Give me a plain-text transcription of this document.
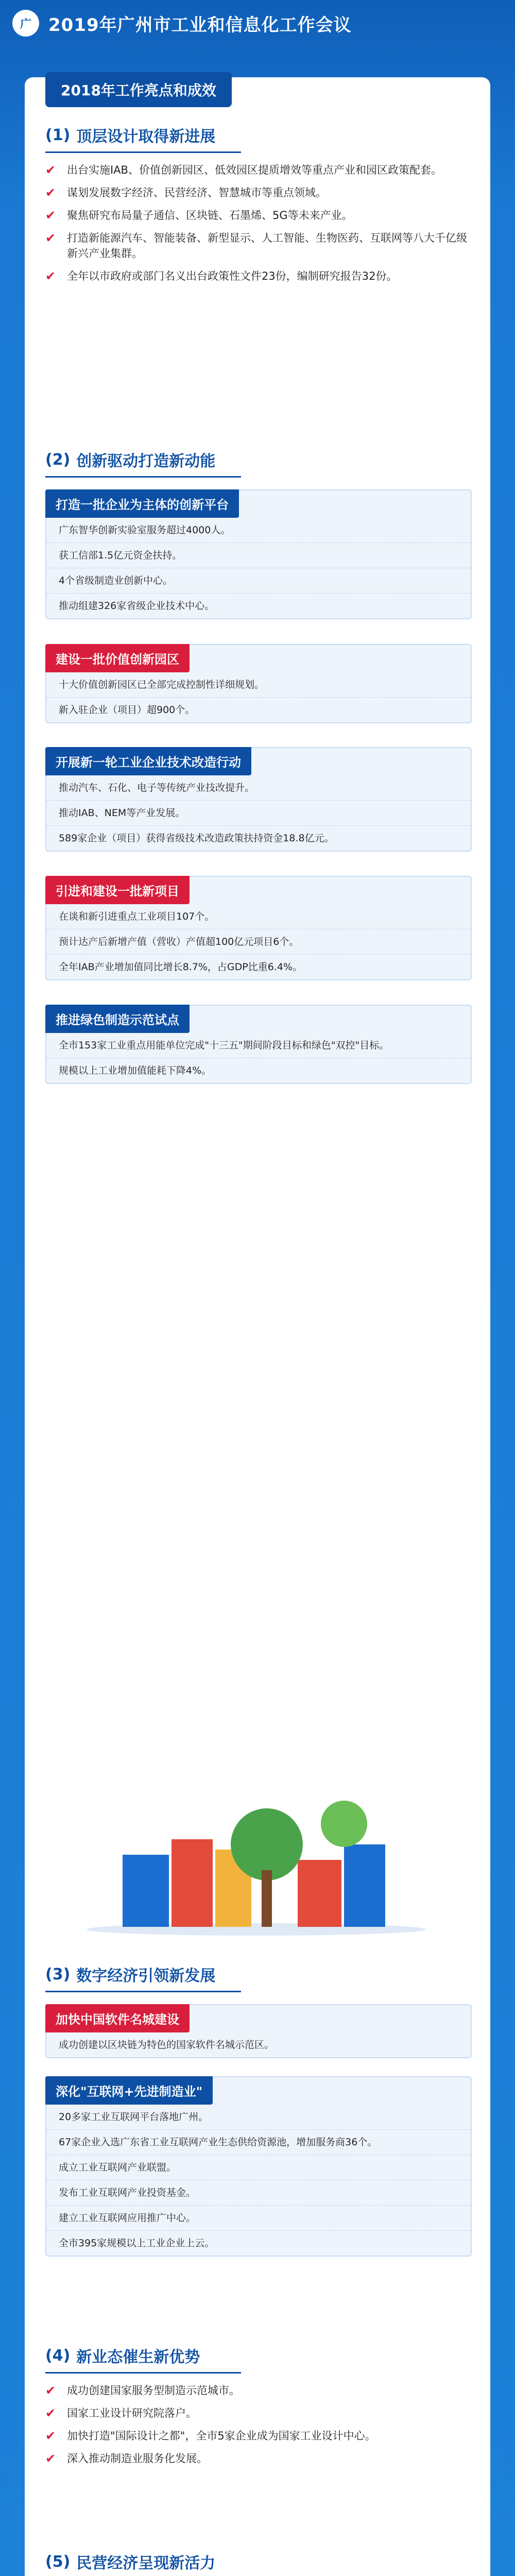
广 2019年广州市工业和信息化工作会议
2018年工作亮点和成效
(1) 顶层设计取得新进展
✔	出台实施IAB、价值创新园区、低效园区提质增效等重点产业和园区政策配套。
✔	谋划发展数字经济、民营经济、智慧城市等重点领域。
✔	聚焦研究布局量子通信、区块链、石墨烯、5G等未来产业。
✔	打造新能源汽车、智能装备、新型显示、人工智能、生物医药、互联网等八大千亿级新兴产业集群。
✔	全年以市政府或部门名义出台政策性文件23份，编制研究报告32份。
(2) 创新驱动打造新动能
打造一批企业为主体的创新平台
广东智华创新实验室服务超过4000人。
获工信部1.5亿元资金扶持。
4个省级制造业创新中心。
推动组建326家省级企业技术中心。
建设一批价值创新园区
十大价值创新园区已全部完成控制性详细规划。
新入驻企业（项目）超900个。
开展新一轮工业企业技术改造行动
推动汽车、石化、电子等传统产业技改提升。
推动IAB、NEM等产业发展。
589家企业（项目）获得省级技术改造政策扶持资金18.8亿元。
引进和建设一批新项目
在谈和新引进重点工业项目107个。
预计达产后新增产值（营收）产值超100亿元项目6个。
全年IAB产业增加值同比增长8.7%，占GDP比重6.4%。
推进绿色制造示范试点
全市153家工业重点用能单位完成"十三五"期间阶段目标和绿色"双控"目标。
规模以上工业增加值能耗下降4%。
(3) 数字经济引领新发展
加快中国软件名城建设
成功创建以区块链为特色的国家软件名城示范区。
深化"互联网+先进制造业"
20多家工业互联网平台落地广州。
67家企业入选广东省工业互联网产业生态供给资源池，增加服务商36个。
成立工业互联网产业联盟。
发布工业互联网产业投资基金。
建立工业互联网应用推广中心。
全市395家规模以上工业企业上云。
(4) 新业态催生新优势
✔	成功创建国家服务型制造示范城市。
✔	国家工业设计研究院落户。
✔	加快打造"国际设计之都"，全市5家企业成为国家工业设计中心。
✔	深入推动制造业服务化发展。
(5) 民营经济呈现新活力
